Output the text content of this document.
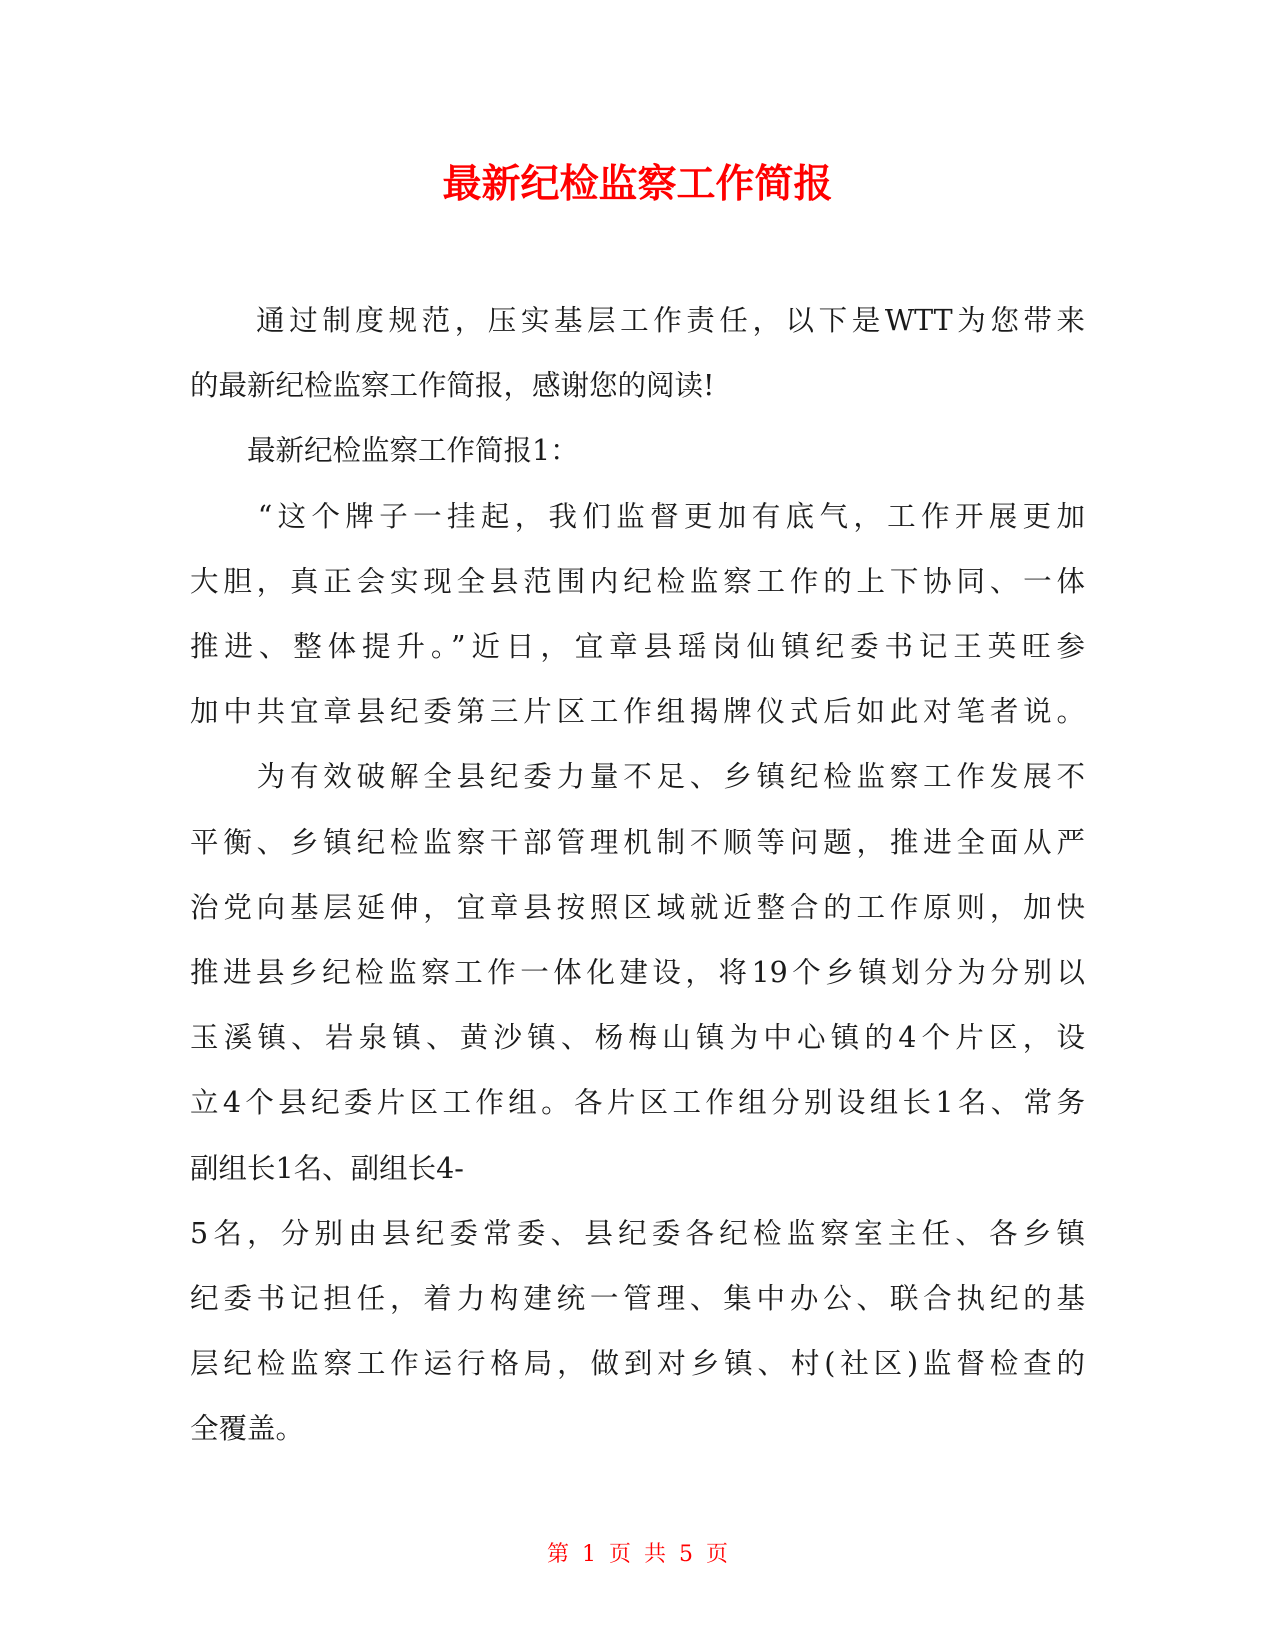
最新纪检监察工作简报

　　通过制度规范，压实基层工作责任，以下是WTT为您带来
的最新纪检监察工作简报，感谢您的阅读!

　　最新纪检监察工作简报1：

　　“这个牌子一挂起，我们监督更加有底气，工作开展更加
大胆，真正会实现全县范围内纪检监察工作的上下协同、一体
推进、整体提升。”近日，宜章县瑶岗仙镇纪委书记王英旺参
加中共宜章县纪委第三片区工作组揭牌仪式后如此对笔者说。

　　为有效破解全县纪委力量不足、乡镇纪检监察工作发展不
平衡、乡镇纪检监察干部管理机制不顺等问题，推进全面从严
治党向基层延伸，宜章县按照区域就近整合的工作原则，加快
推进县乡纪检监察工作一体化建设，将19个乡镇划分为分别以
玉溪镇、岩泉镇、黄沙镇、杨梅山镇为中心镇的4个片区，设
立4个县纪委片区工作组。各片区工作组分别设组长1名、常务
副组长1名、副组长4-
5名，分别由县纪委常委、县纪委各纪检监察室主任、各乡镇
纪委书记担任，着力构建统一管理、集中办公、联合执纪的基
层纪检监察工作运行格局，做到对乡镇、村(社区)监督检查的
全覆盖。

第 1 页 共 5 页
